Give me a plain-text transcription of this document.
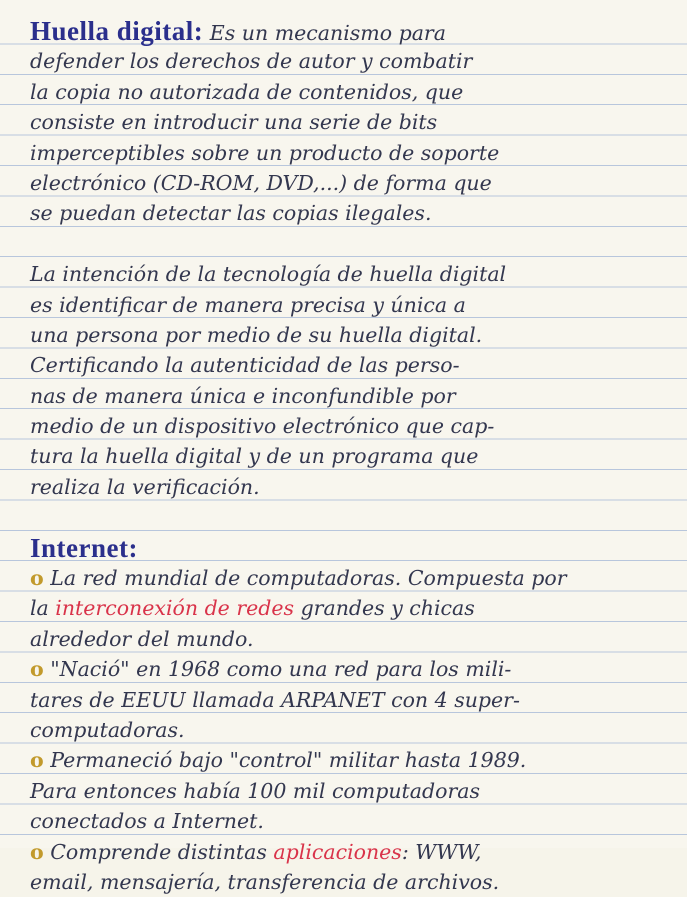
Huella digital: Es un mecanismo para
defender los derechos de autor y combatir
la copia no autorizada de contenidos, que
consiste en introducir una serie de bits
imperceptibles sobre un producto de soporte
electrónico (CD-ROM, DVD,...) de forma que
se puedan detectar las copias ilegales.
La intención de la tecnología de huella digital
es identificar de manera precisa y única a
una persona por medio de su huella digital.
Certificando la autenticidad de las perso-
nas de manera única e inconfundible por
medio de un dispositivo electrónico que cap-
tura la huella digital y de un programa que
realiza la verificación.
Internet:
o La red mundial de computadoras. Compuesta por
la interconexión de redes grandes y chicas
alrededor del mundo.
o "Nació" en 1968 como una red para los mili-
tares de EEUU llamada ARPANET con 4 super-
computadoras.
o Permaneció bajo "control" militar hasta 1989.
Para entonces había 100 mil computadoras
conectados a Internet.
o Comprende distintas aplicaciones: WWW,
email, mensajería, transferencia de archivos.
